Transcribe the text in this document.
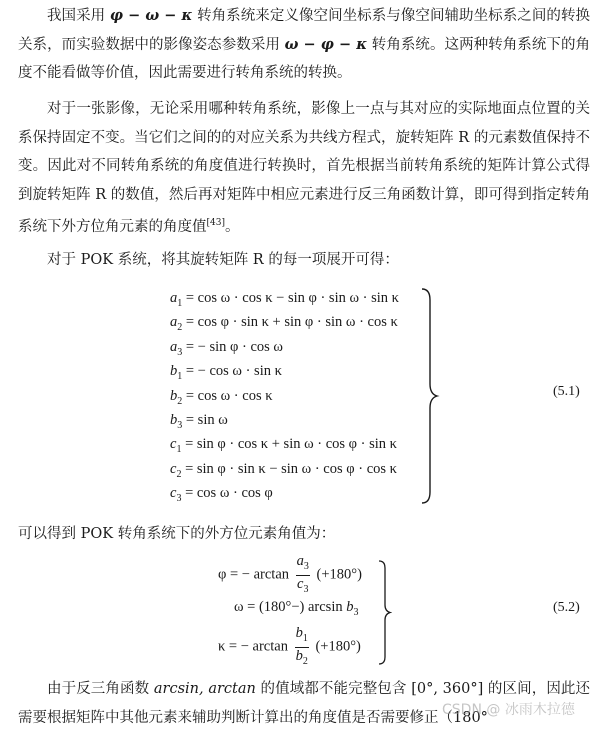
我国采用 φ − ω − κ 转角系统来定义像空间坐标系与像空间辅助坐标系之间的转换关系，而实验数据中的影像姿态参数采用 ω − φ − κ 转角系统。这两种转角系统下的角度不能看做等价值，因此需要进行转角系统的转换。

对于一张影像，无论采用哪种转角系统，影像上一点与其对应的实际地面点位置的关系保持固定不变。当它们之间的的对应关系为共线方程式，旋转矩阵 R 的元素数值保持不变。因此对不同转角系统的角度值进行转换时，首先根据当前转角系统的矩阵计算公式得到旋转矩阵 R 的数值，然后再对矩阵中相应元素进行反三角函数计算，即可得到指定转角系统下外方位角元素的角度值[43]。

对于 POK 系统，将其旋转矩阵 R 的每一项展开可得：

$a_1 = \cos \omega \cdot \cos \kappa - \sin \varphi \cdot \sin \omega \cdot \sin \kappa$
$a_2 = \cos \varphi \cdot \sin \kappa + \sin \varphi \cdot \sin \omega \cdot \cos \kappa$
$a_3$ = − sin φ · cos ω
$b_1$ = − cos ω · sin κ
$b_2 = \cos \omega \cdot \cos \kappa$
$b_3 = \sin \omega$
$c_1 = \sin \varphi \cdot \cos \kappa + \sin \omega \cdot \cos \varphi \cdot \sin \kappa$
$c_2 = \sin \varphi \cdot \sin \kappa - \sin \omega \cdot \cos \varphi \cdot \cos \kappa$
$c_3 = \cos \omega \cdot \cos \varphi$
(5.1)

可以得到 POK 转角系统下的外方位元素角值为：

φ = − $\arctan \frac{a_3}{c_3} (+180^\circ)$
ω = (180°−) $\arcsin b_3$
κ = − $\arctan \frac{b_1}{b_2} (+180^\circ)$
(5.2)

由于反三角函数 arcsin, arctan 的值域都不能完整包含 [0°, 360°] 的区间，因此还需要根据矩阵中其他元素来辅助判断计算出的角度值是否需要修正（180°

CSDN @ 冰雨木拉德
